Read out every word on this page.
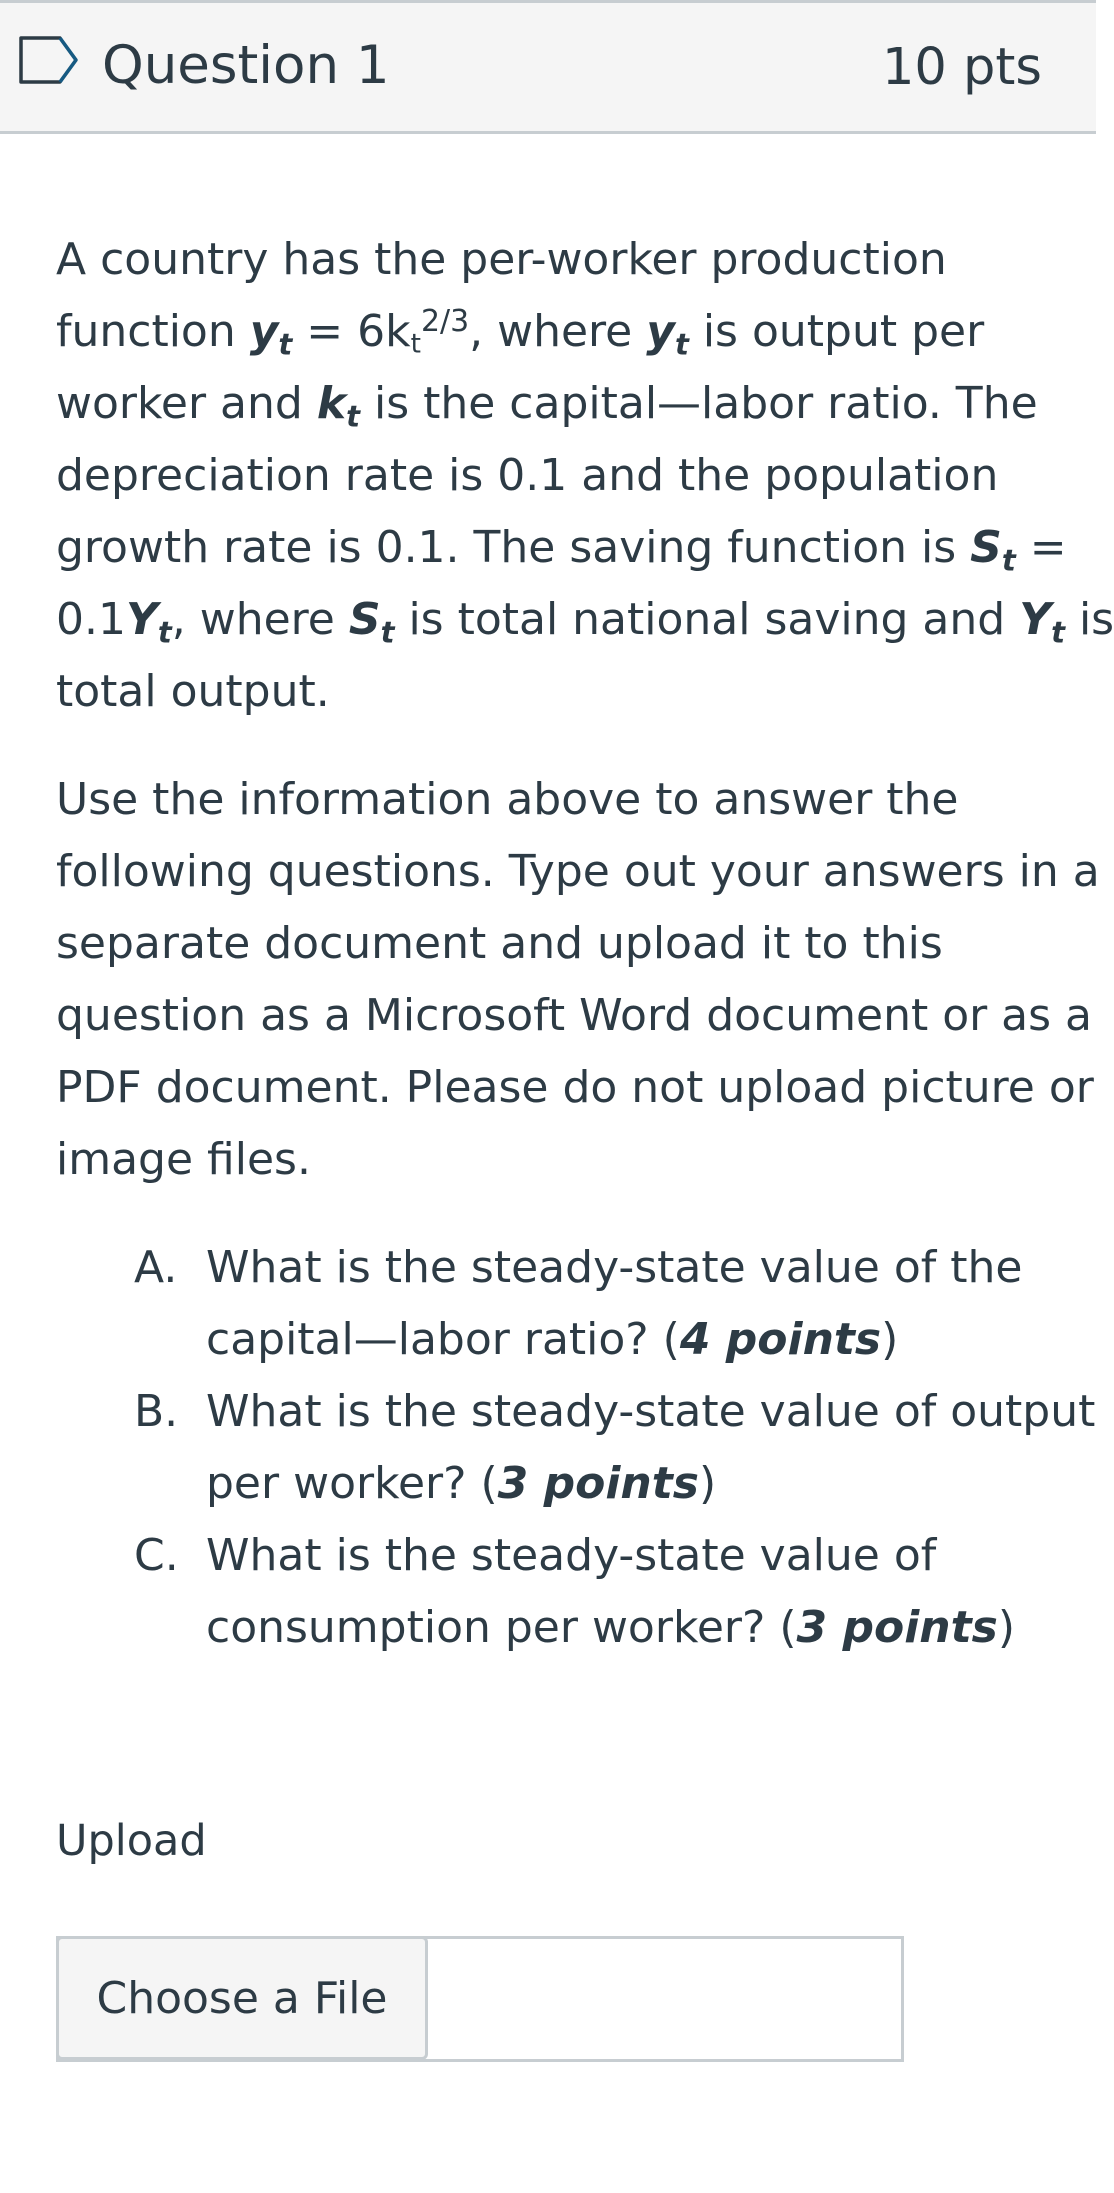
Question 1	10 pts

A country has the per-worker production

function $y_t = 6kt^{2/3}$, where $y_t$ is output per

worker and $k_t$ is the capital—labor ratio. The

depreciation rate is 0.1 and the population

growth rate is 0.1. The saving function is $S_t$ =

$0.1Y_t$, where $S_t$ is total national saving and $Y_t$ is

total output.

Use the information above to answer the

following questions. Type out your answers in a

separate document and upload it to this

question as a Microsoft Word document or as a

PDF document. Please do not upload picture or

image files.

A. What is the steady-state value of the
capital—labor ratio? (4 points)
B. What is the steady-state value of output
per worker? (3 points)
C. What is the steady-state value of
consumption per worker? (3 points)
Upload
Choose a File
